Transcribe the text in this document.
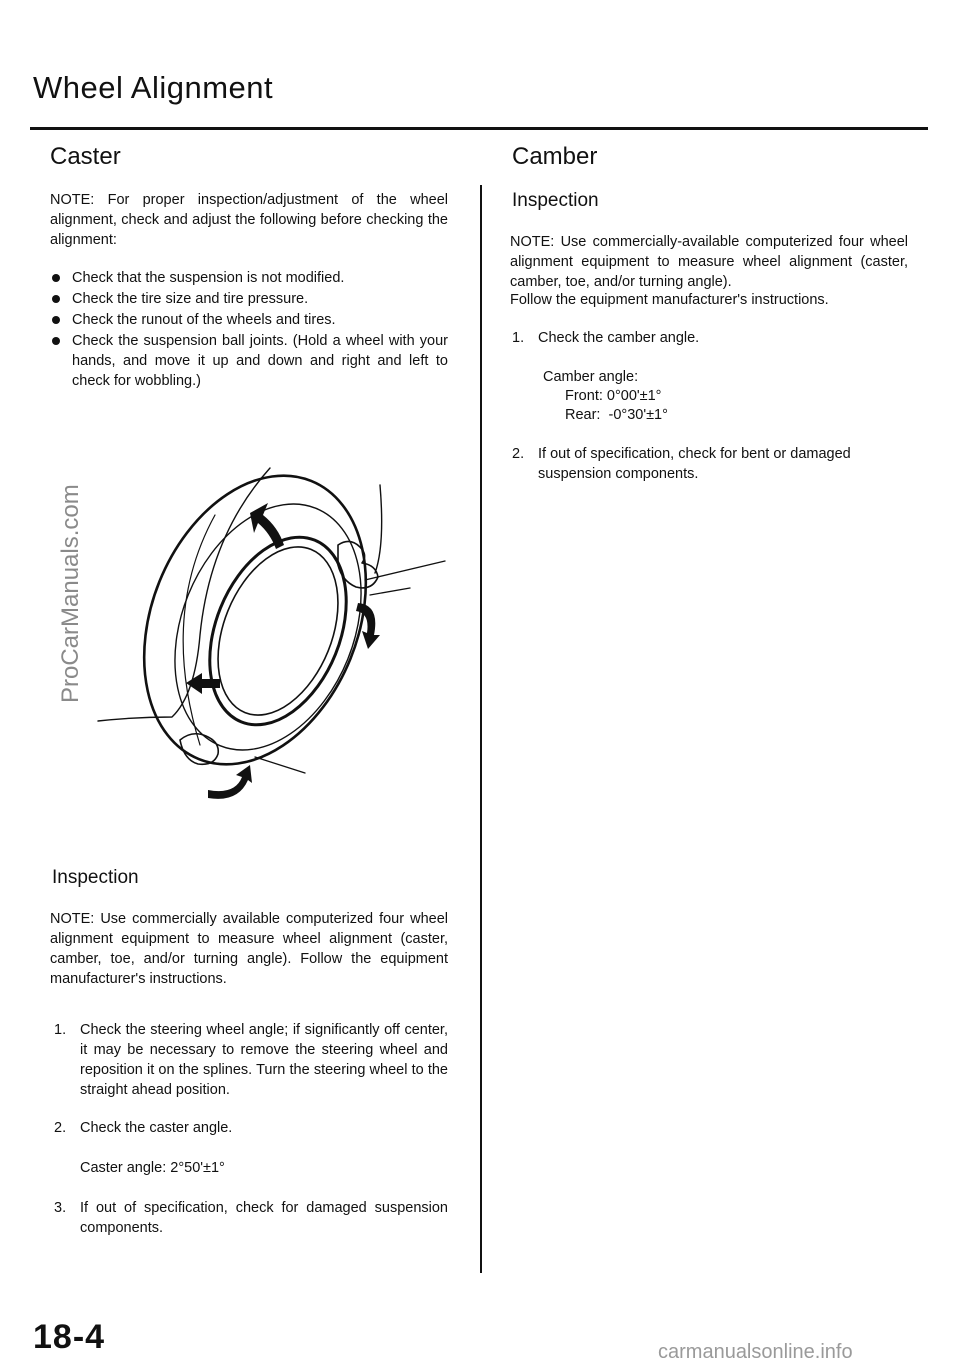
Wheel Alignment
Caster
NOTE: For proper inspection/adjustment of the wheel alignment, check and adjust the following before checking the alignment:
Check that the suspension is not modified.
Check the tire size and tire pressure.
Check the runout of the wheels and tires.
Check the suspension ball joints. (Hold a wheel with your hands, and move it up and down and right and left to check for wobbling.)
Inspection
NOTE: Use commercially available computerized four wheel alignment equipment to measure wheel alignment (caster, camber, toe, and/or turning angle). Follow the equipment manufacturer's instructions.
1. Check the steering wheel angle; if significantly off center, it may be necessary to remove the steering wheel and reposition it on the splines. Turn the steering wheel to the straight ahead position.
2. Check the caster angle.
Caster angle: 2°50'±1°
3. If out of specification, check for damaged suspension components.
Camber
Inspection
NOTE: Use commercially-available computerized four wheel alignment equipment to measure wheel alignment (caster, camber, toe, and/or turning angle).
Follow the equipment manufacturer's instructions.
1. Check the camber angle.
Camber angle:
Front: 0°00'±1°
Rear:  -0°30'±1°
2. If out of specification, check for bent or damaged suspension components.
18-4
ProCarManuals.com
carmanualsonline.info
